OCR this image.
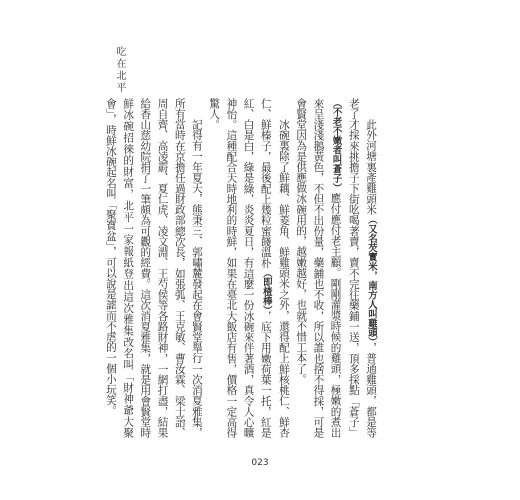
吃在北平

此外河塘裏產雞頭米（又名芡實米，南方人叫雞頭），普通雞頭，都是等老了才採來挑擔子下街吆喝著賣，賣不完往藥鋪一送，頂多採點「蒼子」（不老不嫩者叫蒼子）應付應付老主顧。剛剛灌漿時候的雞頭，極嫩的煮出來呈淺淺鵝黃色，不但不出份量，藥鋪也不收，所以誰也捨不得採，可是會賢堂因為是供應做冰碗用的，越嫩越好，也就不惜工本了。

冰碗裏除了鮮藕、鮮菱角、鮮雞頭米之外，還得配上鮮核桃仁、鮮杏仁、鮮榛子，最後配上幾粒蜜餞溫朴（即楂棒），底下用嫩荷葉一托，紅是紅、白是白，綠是綠，炎炎夏日，有這麼一份冰碗來伴著酒，真令人心曠神怡。這種配合天時地利的時鮮，如果在臺北大飯店有售，價格一定高得驚人。

記得有一年夏天，熊秉三、郭嘯麓發起在會賢堂舉行一次消夏雅集，所有當時在京擔任過財政部總次長，如張弧、王克敏、曹汝霖、梁士詒、周自齊、高凌霨、夏仁虎、凌文淵、王芍侯等各路財神，一網打盡，結果給香山慈幼院捐了一筆頗為可觀的經費。這次消夏雅集，就是用會賢堂時鮮冰碗招徠的財富，北平一家報紙登出這次雅集改名叫「財神爺大聚會」，時鮮冰碗起名叫「聚寶盆」，可以說是謔而不虐的一個小玩笑。

023
